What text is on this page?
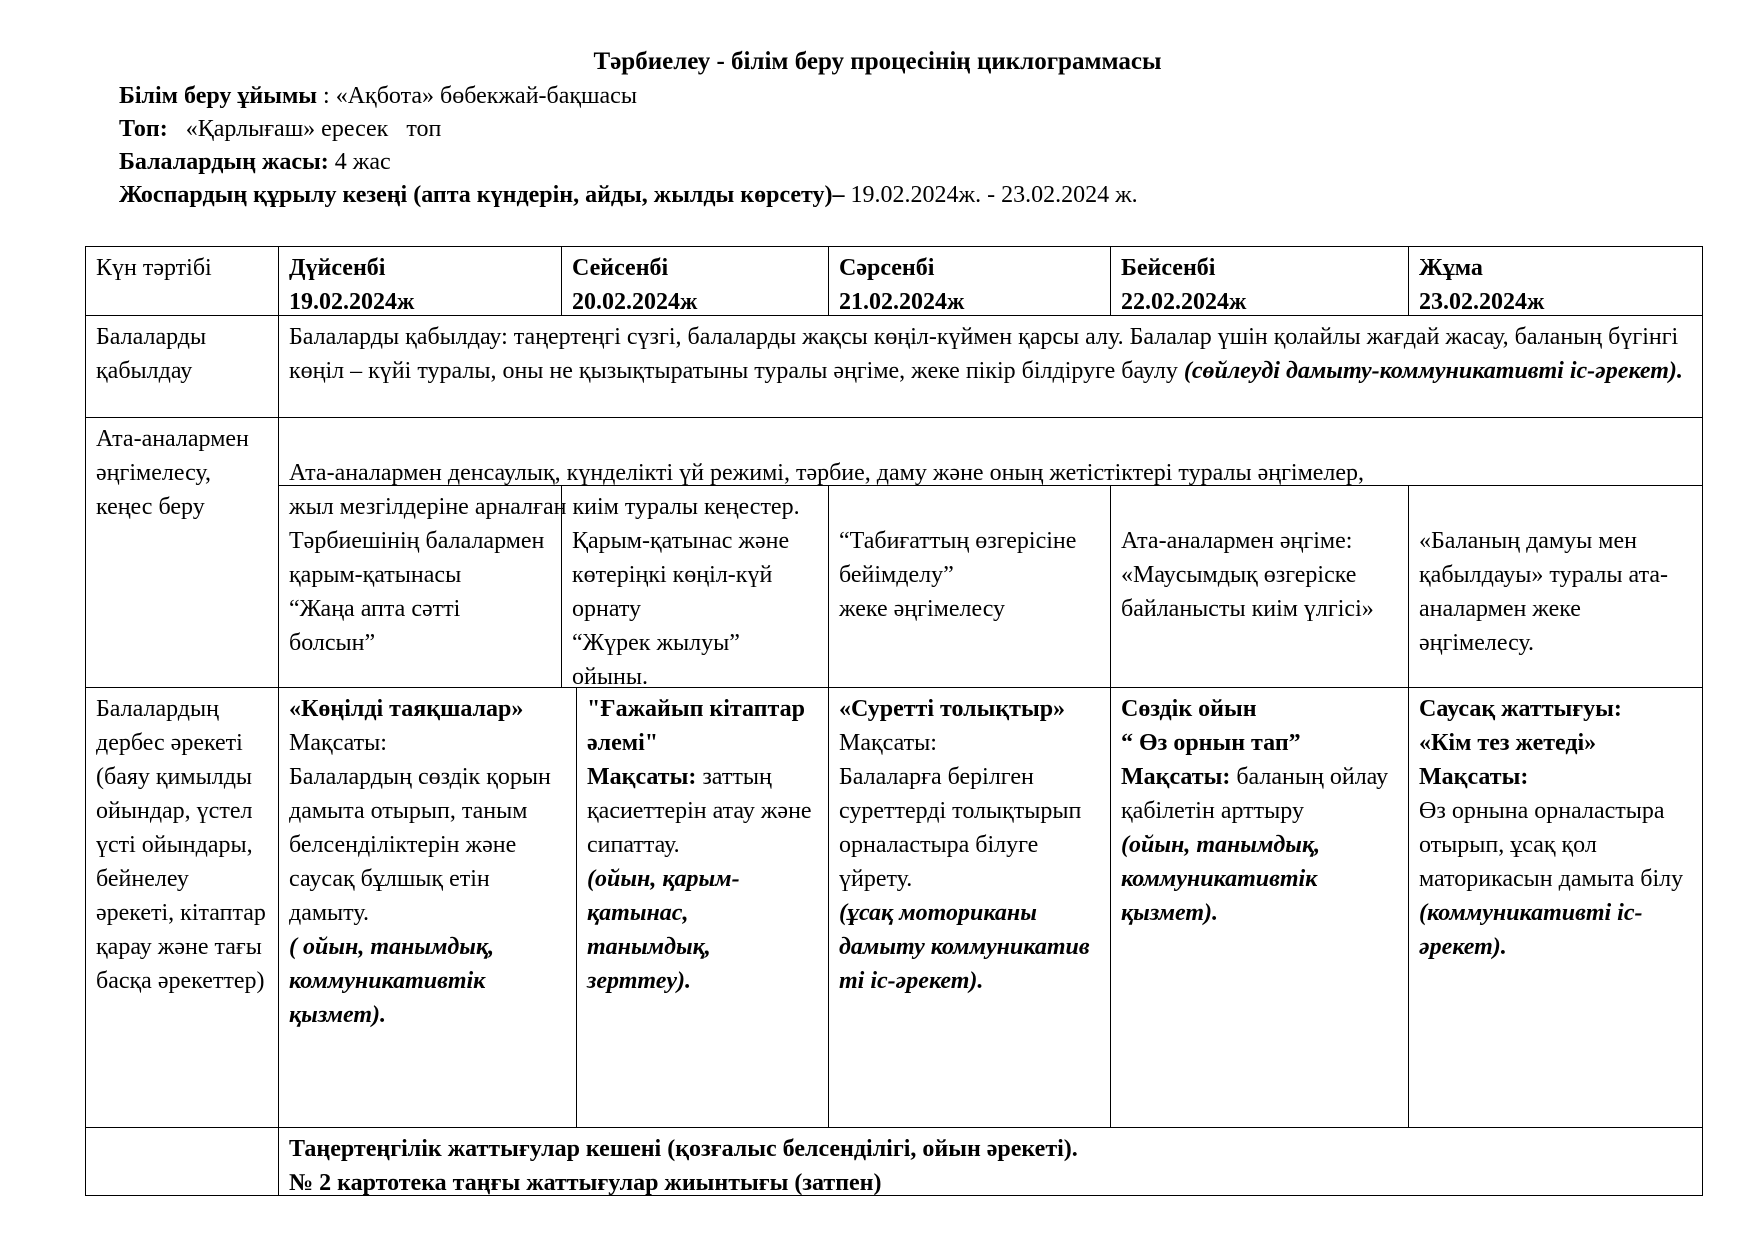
Тәрбиелеу - білім беру процесінің циклограммасы
Білім беру ұйымы : «Ақбота» бөбекжай-бақшасы
Топ:   «Қарлығаш» ересек   топ
Балалардың жасы: 4 жас
Жоспардың құрылу кезеңі (апта күндерін, айды, жылды көрсету)– 19.02.2024ж. - 23.02.2024 ж.
Күн тәртібі	Дүйсенбі
19.02.2024ж
Сейсенбі
20.02.2024ж
Сәрсенбі
21.02.2024ж
Бейсенбі
22.02.2024ж
Жұма
23.02.2024ж
Балаларды қабылдау
Балаларды қабылдау: таңертеңгі сүзгі, балаларды жақсы көңіл-күймен қарсы алу. Балалар үшін қолайлы жағдай жасау, баланың бүгінгі көңіл – күйі туралы, оны не қызықтыратыны туралы әңгіме, жеке пікір білдіруге баулу (сөйлеуді дамыту-коммуникативті іс-әрекет).
Ата-аналармен әңгімелесу, кеңес беру

Ата-аналармен денсаулық, күнделікті үй режимі, тәрбие, даму және оның жетістіктері туралы әңгімелер,
жыл мезгілдеріне арналған киім туралы кеңестер.

Тәрбиешінің балалармен қарым-қатынасы
“Жаңа апта сәтті болсын”

Қарым-қатынас және көтеріңкі көңіл-күй орнату
“Жүрек жылуы” ойыны.

“Табиғаттың өзгерісіне бейімделу”
жеке әңгімелесу

Ата-аналармен әңгіме: «Маусымдық өзгеріске байланысты киім үлгісі»

«Баланың дамуы мен қабылдауы» туралы ата-аналармен жеке әңгімелесу.

Балалардың дербес әрекеті (баяу қимылды ойындар, үстел үсті ойындары, бейнелеу әрекеті, кітаптар қарау және тағы басқа әрекеттер)
«Көңілді таяқшалар»
Мақсаты:
Балалардың сөздік қорын дамыта отырып, таным белсенділіктерін және саусақ бұлшық етін дамыту.
( ойын, танымдық, коммуникативтік қызмет).
"Ғажайып кітаптар әлемі"
Мақсаты: заттың қасиеттерін атау және сипаттау.
(ойын, қарым-қатынас, танымдық, зерттеу).
«Суретті толықтыр»
Мақсаты:
Балаларға берілген суреттерді толықтырып орналастыра білуге үйрету.
(ұсақ моториканы дамыту коммуникатив ті іс-әрекет).
Сөздік ойын
“ Өз орнын тап”
Мақсаты: баланың ойлау қабілетін арттыру
(ойын, танымдық, коммуникативтік қызмет).
Саусақ жаттығуы:
«Кім тез жетеді»
Мақсаты:
Өз орнына орналастыра отырып, ұсақ қол маторикасын дамыта білу
(коммуникативті іс-әрекет).
Таңертеңгілік жаттығулар кешені (қозғалыс белсенділігі, ойын әрекеті).
№ 2 картотека таңғы жаттығулар жиынтығы (затпен)
